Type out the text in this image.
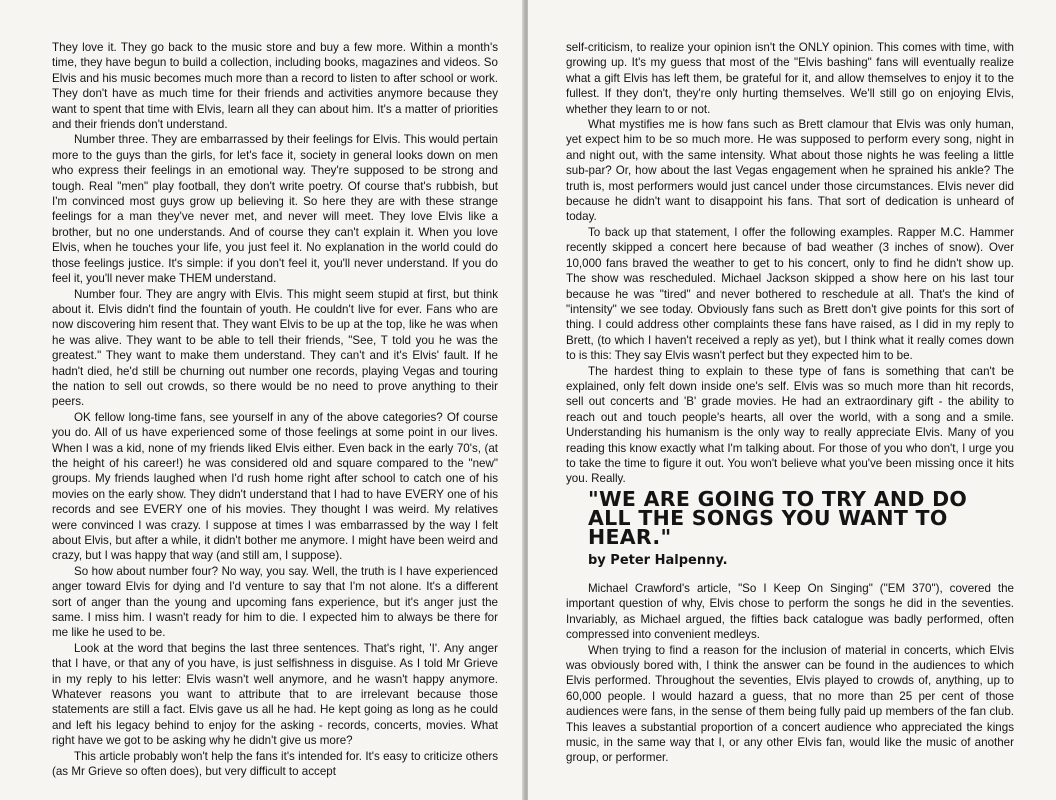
They love it. They go back to the music store and buy a few more. Within a month's time, they have begun to build a collection, including books, magazines and videos. So Elvis and his music becomes much more than a record to listen to after school or work. They don't have as much time for their friends and activities anymore because they want to spent that time with Elvis, learn all they can about him. It's a matter of priorities and their friends don't understand.

Number three. They are embarrassed by their feelings for Elvis. This would pertain more to the guys than the girls, for let's face it, society in general looks down on men who express their feelings in an emotional way. They're supposed to be strong and tough. Real "men" play football, they don't write poetry. Of course that's rubbish, but I'm convinced most guys grow up believing it. So here they are with these strange feelings for a man they've never met, and never will meet. They love Elvis like a brother, but no one understands. And of course they can't explain it. When you love Elvis, when he touches your life, you just feel it. No explanation in the world could do those feelings justice. It's simple: if you don't feel it, you'll never understand. If you do feel it, you'll never make THEM understand.

Number four. They are angry with Elvis. This might seem stupid at first, but think about it. Elvis didn't find the fountain of youth. He couldn't live for ever. Fans who are now discovering him resent that. They want Elvis to be up at the top, like he was when he was alive. They want to be able to tell their friends, "See, T told you he was the greatest." They want to make them understand. They can't and it's Elvis' fault. If he hadn't died, he'd still be churning out number one records, playing Vegas and touring the nation to sell out crowds, so there would be no need to prove anything to their peers.

OK fellow long-time fans, see yourself in any of the above categories? Of course you do. All of us have experienced some of those feelings at some point in our lives. When I was a kid, none of my friends liked Elvis either. Even back in the early 70's, (at the height of his career!) he was considered old and square compared to the "new" groups. My friends laughed when I'd rush home right after school to catch one of his movies on the early show. They didn't understand that I had to have EVERY one of his records and see EVERY one of his movies. They thought I was weird. My relatives were convinced I was crazy. I suppose at times I was embarrassed by the way I felt about Elvis, but after a while, it didn't bother me anymore. I might have been weird and crazy, but I was happy that way (and still am, I suppose).

So how about number four? No way, you say. Well, the truth is I have experienced anger toward Elvis for dying and I'd venture to say that I'm not alone. It's a different sort of anger than the young and upcoming fans experience, but it's anger just the same. I miss him. I wasn't ready for him to die. I expected him to always be there for me like he used to be.

Look at the word that begins the last three sentences. That's right, 'I'. Any anger that I have, or that any of you have, is just selfishness in disguise. As I told Mr Grieve in my reply to his letter: Elvis wasn't well anymore, and he wasn't happy anymore. Whatever reasons you want to attribute that to are irrelevant because those statements are still a fact. Elvis gave us all he had. He kept going as long as he could and left his legacy behind to enjoy for the asking - records, concerts, movies. What right have we got to be asking why he didn't give us more?

This article probably won't help the fans it's intended for. It's easy to criticize others (as Mr Grieve so often does), but very difficult to accept

self-criticism, to realize your opinion isn't the ONLY opinion. This comes with time, with growing up. It's my guess that most of the "Elvis bashing" fans will eventually realize what a gift Elvis has left them, be grateful for it, and allow themselves to enjoy it to the fullest. If they don't, they're only hurting themselves. We'll still go on enjoying Elvis, whether they learn to or not.

What mystifies me is how fans such as Brett clamour that Elvis was only human, yet expect him to be so much more. He was supposed to perform every song, night in and night out, with the same intensity. What about those nights he was feeling a little sub-par? Or, how about the last Vegas engagement when he sprained his ankle? The truth is, most performers would just cancel under those circumstances. Elvis never did because he didn't want to disappoint his fans. That sort of dedication is unheard of today.

To back up that statement, I offer the following examples. Rapper M.C. Hammer recently skipped a concert here because of bad weather (3 inches of snow). Over 10,000 fans braved the weather to get to his concert, only to find he didn't show up. The show was rescheduled. Michael Jackson skipped a show here on his last tour because he was "tired" and never bothered to reschedule at all. That's the kind of "intensity" we see today. Obviously fans such as Brett don't give points for this sort of thing. I could address other complaints these fans have raised, as I did in my reply to Brett, (to which I haven't received a reply as yet), but I think what it really comes down to is this: They say Elvis wasn't perfect but they expected him to be.

The hardest thing to explain to these type of fans is something that can't be explained, only felt down inside one's self. Elvis was so much more than hit records, sell out concerts and 'B' grade movies. He had an extraordinary gift - the ability to reach out and touch people's hearts, all over the world, with a song and a smile. Understanding his humanism is the only way to really appreciate Elvis. Many of you reading this know exactly what I'm talking about. For those of you who don't, I urge you to take the time to figure it out. You won't believe what you've been missing once it hits you. Really.

"WE ARE GOING TO TRY AND DO ALL THE SONGS YOU WANT TO HEAR."
by Peter Halpenny.

Michael Crawford's article, "So I Keep On Singing" ("EM 370"), covered the important question of why, Elvis chose to perform the songs he did in the seventies. Invariably, as Michael argued, the fifties back catalogue was badly performed, often compressed into convenient medleys.

When trying to find a reason for the inclusion of material in concerts, which Elvis was obviously bored with, I think the answer can be found in the audiences to which Elvis performed. Throughout the seventies, Elvis played to crowds of, anything, up to 60,000 people. I would hazard a guess, that no more than 25 per cent of those audiences were fans, in the sense of them being fully paid up members of the fan club. This leaves a substantial proportion of a concert audience who appreciated the kings music, in the same way that I, or any other Elvis fan, would like the music of another group, or performer.
